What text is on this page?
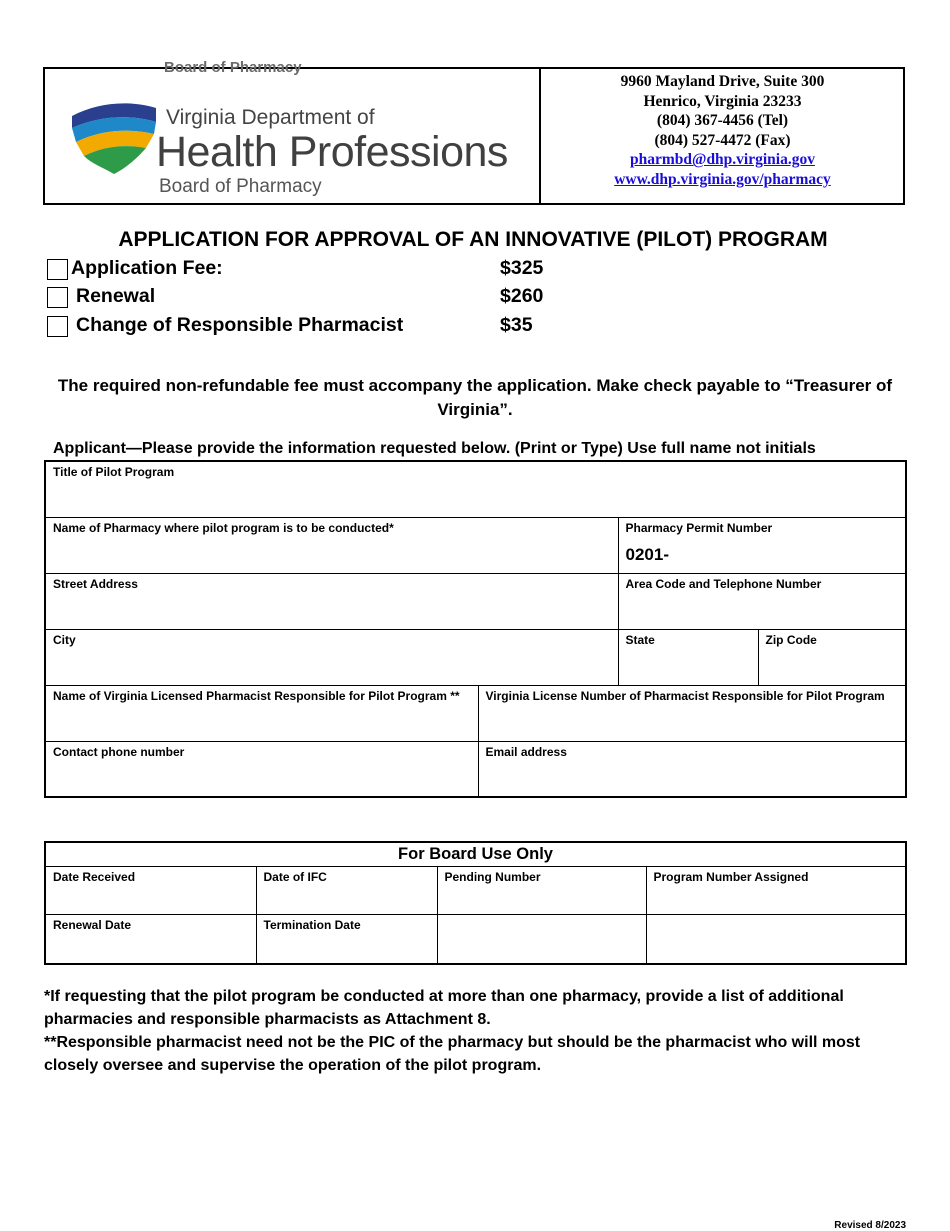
Board of Pharmacy
Virginia Department of
Health Professions
Board of Pharmacy
9960 Mayland Drive, Suite 300
Henrico, Virginia 23233
(804) 367-4456 (Tel)
(804) 527-4472 (Fax)
pharmbd@dhp.virginia.gov
www.dhp.virginia.gov/pharmacy
APPLICATION FOR APPROVAL OF AN INNOVATIVE (PILOT) PROGRAM
Application Fee:	$325
Renewal	$260
Change of Responsible Pharmacist	$35
The required non-refundable fee must accompany the application. Make check payable to “Treasurer of Virginia”.
Applicant—Please provide the information requested below. (Print or Type) Use full name not initials
Title of Pilot Program			
Name of Pharmacy where pilot program is to be conducted*		Pharmacy Permit Number
0201-	

Street Address		Area Code and Telephone Number	
City		State	Zip Code
Name of Virginia Licensed Pharmacist Responsible for Pilot Program **	Virginia License Number of Pharmacist Responsible for Pilot Program		
Contact phone number	Email address		
For Board Use Only			
Date Received	Date of IFC	Pending Number	Program Number Assigned
Renewal Date	Termination Date		
*If requesting that the pilot program be conducted at more than one pharmacy, provide a list of additional pharmacies and responsible pharmacists as Attachment 8.
**Responsible pharmacist need not be the PIC of the pharmacy but should be the pharmacist who will most closely oversee and supervise the operation of the pilot program.
Revised 8/2023
